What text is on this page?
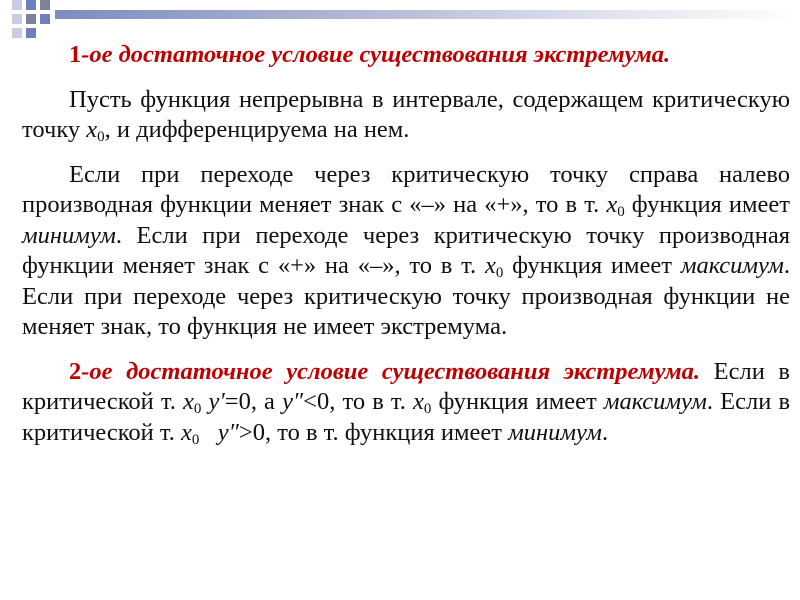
1-ое достаточное условие существования экстремума.

Пусть функция непрерывна в интервале, содержащем критическую точку $x_0$, и дифференцируема на нем.

Если при переходе через критическую точку справа налево производная функции меняет знак с «–» на «+», то в т. $x_0$ функция имеет минимум. Если при переходе через критическую точку производная функции меняет знак с «+» на «–», то в т. $x_0$ функция имеет максимум. Если при переходе через критическую точку производная функции не меняет знак, то функция не имеет экстремума.

2-ое достаточное условие существования экстремума. Если в критической т. $x_0$ y′=0, а y″<0, то в т. $x_0$ функция имеет максимум. Если в критической т. $x_0$   y″>0, то в т. функция имеет минимум.
